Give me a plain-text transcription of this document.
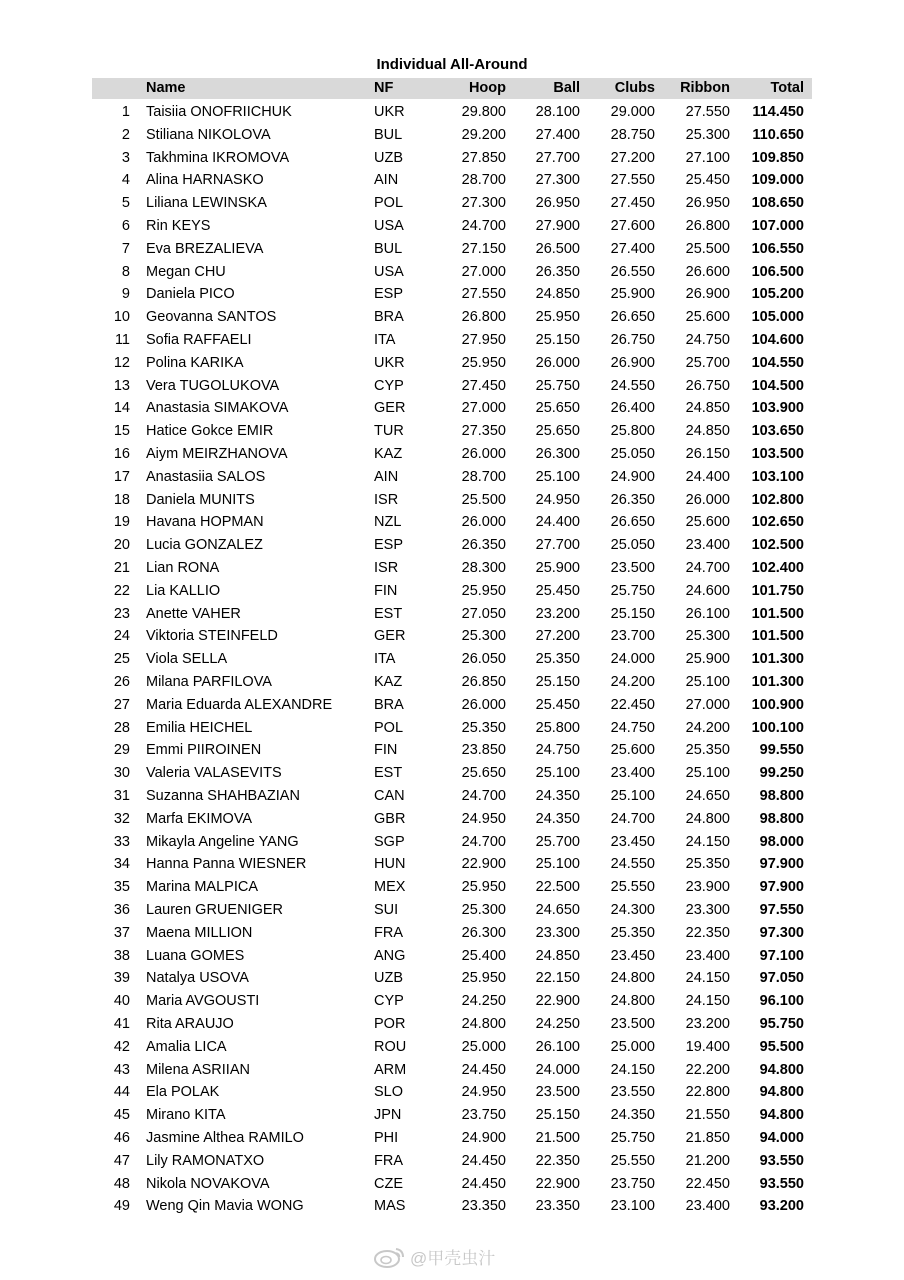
Individual All-Around
Name	NF	Hoop	Ball	Clubs	Ribbon	Total
1 Taisiia ONOFRIICHUK	UKR	29.800	28.100	29.000	27.550	114.450
2 Stiliana NIKOLOVA	BUL	29.200	27.400	28.750	25.300	110.650
3 Takhmina IKROMOVA	UZB	27.850	27.700	27.200	27.100	109.850
4 Alina HARNASKO	AIN	28.700	27.300	27.550	25.450	109.000
5 Liliana LEWINSKA	POL	27.300	26.950	27.450	26.950	108.650
6 Rin KEYS	USA	24.700	27.900	27.600	26.800	107.000
7 Eva BREZALIEVA	BUL	27.150	26.500	27.400	25.500	106.550
8 Megan CHU	USA	27.000	26.350	26.550	26.600	106.500
9 Daniela PICO	ESP	27.550	24.850	25.900	26.900	105.200
10 Geovanna SANTOS	BRA	26.800	25.950	26.650	25.600	105.000
11 Sofia RAFFAELI	ITA	27.950	25.150	26.750	24.750	104.600
12 Polina KARIKA	UKR	25.950	26.000	26.900	25.700	104.550
13 Vera TUGOLUKOVA	CYP	27.450	25.750	24.550	26.750	104.500
14 Anastasia SIMAKOVA	GER	27.000	25.650	26.400	24.850	103.900
15 Hatice Gokce EMIR	TUR	27.350	25.650	25.800	24.850	103.650
16 Aiym MEIRZHANOVA	KAZ	26.000	26.300	25.050	26.150	103.500
17 Anastasiia SALOS	AIN	28.700	25.100	24.900	24.400	103.100
18 Daniela MUNITS	ISR	25.500	24.950	26.350	26.000	102.800
19 Havana HOPMAN	NZL	26.000	24.400	26.650	25.600	102.650
20 Lucia GONZALEZ	ESP	26.350	27.700	25.050	23.400	102.500
21 Lian RONA	ISR	28.300	25.900	23.500	24.700	102.400
22 Lia KALLIO	FIN	25.950	25.450	25.750	24.600	101.750
23 Anette VAHER	EST	27.050	23.200	25.150	26.100	101.500
24 Viktoria STEINFELD	GER	25.300	27.200	23.700	25.300	101.500
25 Viola SELLA	ITA	26.050	25.350	24.000	25.900	101.300
26 Milana PARFILOVA	KAZ	26.850	25.150	24.200	25.100	101.300
27 Maria Eduarda ALEXANDRE	BRA	26.000	25.450	22.450	27.000	100.900
28 Emilia HEICHEL	POL	25.350	25.800	24.750	24.200	100.100
29 Emmi PIIROINEN	FIN	23.850	24.750	25.600	25.350	99.550
30 Valeria VALASEVITS	EST	25.650	25.100	23.400	25.100	99.250
31 Suzanna SHAHBAZIAN	CAN	24.700	24.350	25.100	24.650	98.800
32 Marfa EKIMOVA	GBR	24.950	24.350	24.700	24.800	98.800
33 Mikayla Angeline YANG	SGP	24.700	25.700	23.450	24.150	98.000
34 Hanna Panna WIESNER	HUN	22.900	25.100	24.550	25.350	97.900
35 Marina MALPICA	MEX	25.950	22.500	25.550	23.900	97.900
36 Lauren GRUENIGER	SUI	25.300	24.650	24.300	23.300	97.550
37 Maena MILLION	FRA	26.300	23.300	25.350	22.350	97.300
38 Luana GOMES	ANG	25.400	24.850	23.450	23.400	97.100
39 Natalya USOVA	UZB	25.950	22.150	24.800	24.150	97.050
40 Maria AVGOUSTI	CYP	24.250	22.900	24.800	24.150	96.100
41 Rita ARAUJO	POR	24.800	24.250	23.500	23.200	95.750
42 Amalia LICA	ROU	25.000	26.100	25.000	19.400	95.500
43 Milena ASRIIAN	ARM	24.450	24.000	24.150	22.200	94.800
44 Ela POLAK	SLO	24.950	23.500	23.550	22.800	94.800
45 Mirano KITA	JPN	23.750	25.150	24.350	21.550	94.800
46 Jasmine Althea RAMILO	PHI	24.900	21.500	25.750	21.850	94.000
47 Lily RAMONATXO	FRA	24.450	22.350	25.550	21.200	93.550
48 Nikola NOVAKOVA	CZE	24.450	22.900	23.750	22.450	93.550
49 Weng Qin Mavia WONG	MAS	23.350	23.350	23.100	23.400	93.200
@甲壳虫汁
